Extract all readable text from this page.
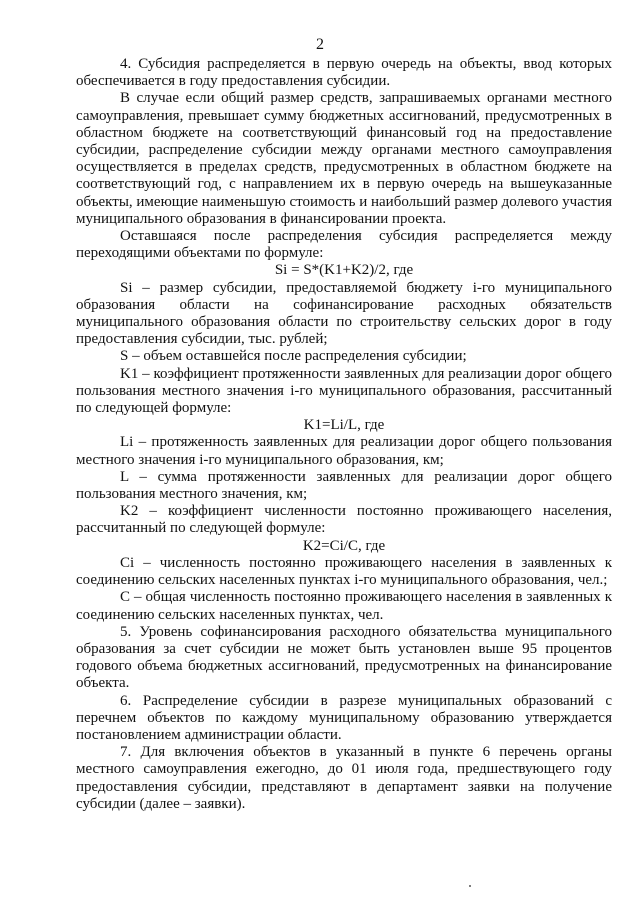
2

4. Субсидия распределяется в первую очередь на объекты, ввод которых обеспечивается в году предоставления субсидии.

В случае если общий размер средств, запрашиваемых органами местного самоуправления, превышает сумму бюджетных ассигнований, предусмотренных в областном бюджете на соответствующий финансовый год на предоставление субсидии, распределение субсидии между органами местного самоуправления осуществляется в пределах средств, предусмотренных в областном бюджете на соответствующий год, с направлением их в первую очередь на вышеуказанные объекты, имеющие наименьшую стоимость и наибольший размер долевого участия муниципального образования в финансировании проекта.

Оставшаяся после распределения субсидия распределяется между переходящими объектами по формуле:

Si = S*(K1+K2)/2, где

Si – размер субсидии, предоставляемой бюджету i-го муниципального образования области на софинансирование расходных обязательств муниципального образования области по строительству сельских дорог в году предоставления субсидии, тыс. рублей;

S – объем оставшейся после распределения субсидии;

K1 – коэффициент протяженности заявленных для реализации дорог общего пользования местного значения i-го муниципального образования, рассчитанный по следующей формуле:

K1=Li/L, где

Li – протяженность заявленных для реализации дорог общего пользования местного значения i-го муниципального образования, км;

L – сумма протяженности заявленных для реализации дорог общего пользования местного значения, км;

K2 – коэффициент численности постоянно проживающего населения, рассчитанный по следующей формуле:

K2=Ci/C, где

Ci – численность постоянно проживающего населения в заявленных к соединению сельских населенных пунктах i-го муниципального образования, чел.;

C – общая численность постоянно проживающего населения в заявленных к соединению сельских населенных пунктах, чел.

5. Уровень софинансирования расходного обязательства муниципального образования за счет субсидии не может быть установлен выше 95 процентов годового объема бюджетных ассигнований, предусмотренных на финансирование объекта.

6. Распределение субсидии в разрезе муниципальных образований с перечнем объектов по каждому муниципальному образованию утверждается постановлением администрации области.

7. Для включения объектов в указанный в пункте 6 перечень органы местного самоуправления ежегодно, до 01 июля года, предшествующего году предоставления субсидии, представляют в департамент заявки на получение субсидии (далее – заявки).
